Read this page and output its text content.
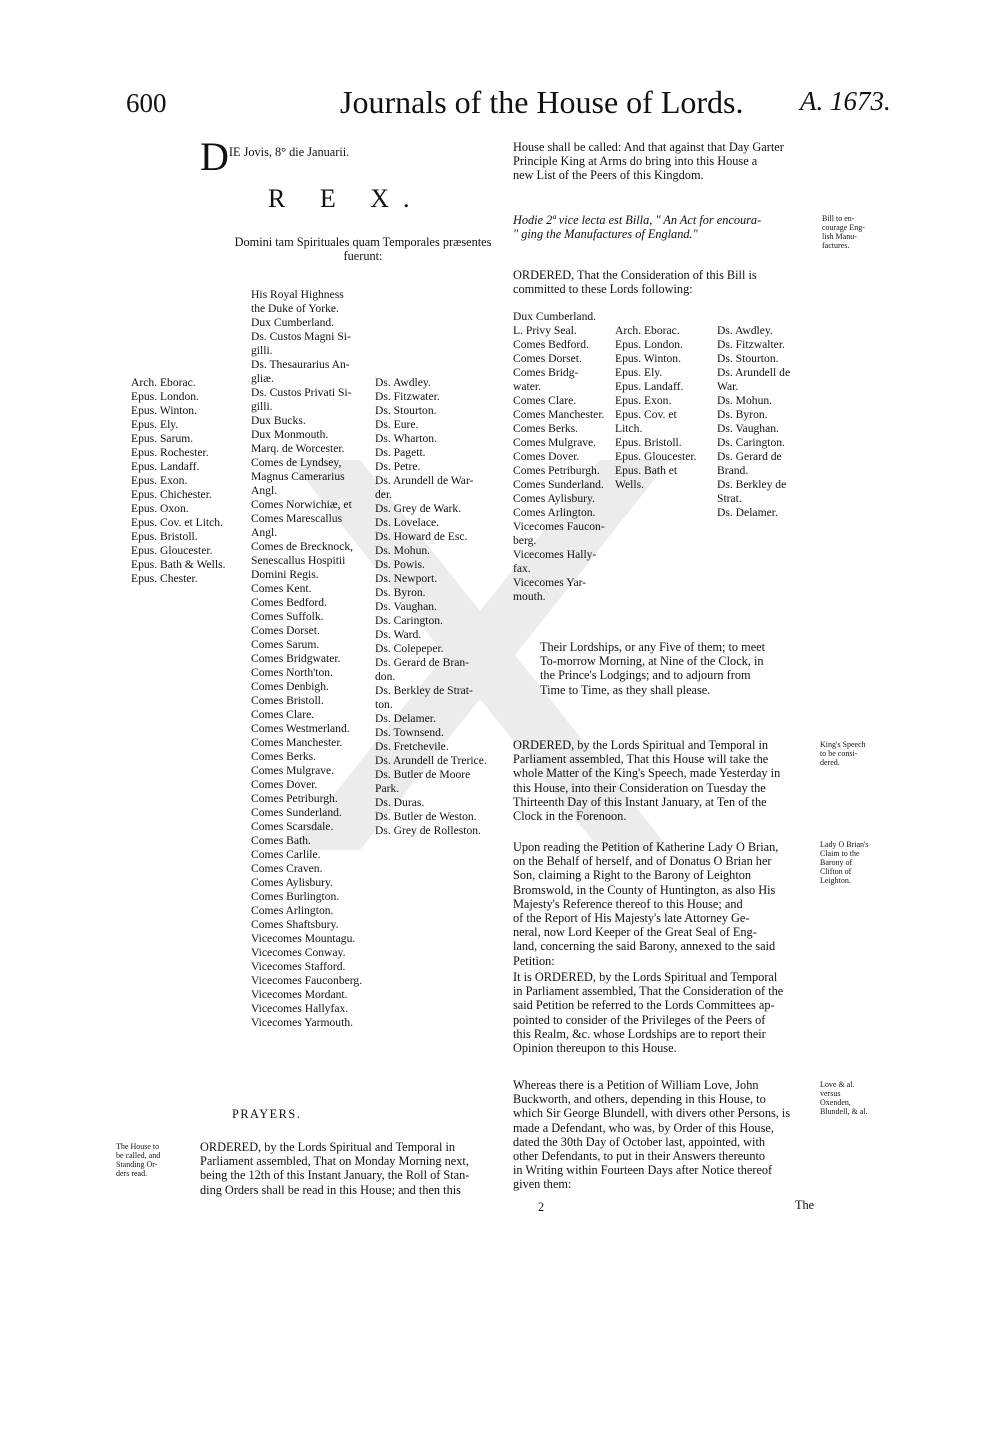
600	Journals of the House of Lords. A. 1673.
$D^{IE Jovis, 8^\circ die Januarii.}$
R E X.
Domini tam Spirituales quam Temporales præsentes
fuerunt:
Arch. Eborac.
Epus. London.
Epus. Winton.
Epus. Ely.
Epus. Sarum.
Epus. Rochester.
Epus. Landaff.
Epus. Exon.
Epus. Chichester.
Epus. Oxon.
Epus. Cov. et Litch.
Epus. Bristoll.
Epus. Gloucester.
Epus. Bath & Wells.
Epus. Chester.
His Royal Highness
the Duke of Yorke.
Dux Cumberland.
Ds. Custos Magni Si-
gilli.
Ds. Thesaurarius An-
gliæ.
Ds. Custos Privati Si-
gilli.
Dux Bucks.
Dux Monmouth.
Marq. de Worcester.
Comes de Lyndsey,
Magnus Camerarius
Angl.
Comes Norwichiæ, et
Comes Marescallus
Angl.
Comes de Brecknock,
Senescallus Hospitii
Domini Regis.
Comes Kent.
Comes Bedford.
Comes Suffolk.
Comes Dorset.
Comes Sarum.
Comes Bridgwater.
Comes North'ton.
Comes Denbigh.
Comes Bristoll.
Comes Clare.
Comes Westmerland.
Comes Manchester.
Comes Berks.
Comes Mulgrave.
Comes Dover.
Comes Petriburgh.
Comes Sunderland.
Comes Scarsdale.
Comes Bath.
Comes Carlile.
Comes Craven.
Comes Aylisbury.
Comes Burlington.
Comes Arlington.
Comes Shaftsbury.
Vicecomes Mountagu.
Vicecomes Conway.
Vicecomes Stafford.
Vicecomes Fauconberg.
Vicecomes Mordant.
Vicecomes Hallyfax.
Vicecomes Yarmouth.
Ds. Awdley.
Ds. Fitzwater.
Ds. Stourton.
Ds. Eure.
Ds. Wharton.
Ds. Pagett.
Ds. Petre.
Ds. Arundell de War-
der.
Ds. Grey de Wark.
Ds. Lovelace.
Ds. Howard de Esc.
Ds. Mohun.
Ds. Powis.
Ds. Newport.
Ds. Byron.
Ds. Vaughan.
Ds. Carington.
Ds. Ward.
Ds. Colepeper.
Ds. Gerard de Bran-
don.
Ds. Berkley de Strat-
ton.
Ds. Delamer.
Ds. Townsend.
Ds. Fretchevile.
Ds. Arundell de Trerice.
Ds. Butler de Moore
Park.
Ds. Duras.
Ds. Butler de Weston.
Ds. Grey de Rolleston.
PRAYERS.
The House to
be called, and
Standing Or-
ders read.
ORDERED, by the Lords Spiritual and Temporal in
Parliament assembled, That on Monday Morning next,
being the 12th of this Instant January, the Roll of Stan-
ding Orders shall be read in this House; and then this
House shall be called: And that against that Day Garter
Principle King at Arms do bring into this House a
new List of the Peers of this Kingdom.
Hodie 2ª vice lecta est Billa, " An Act for encoura-
" ging the Manufactures of England."
Bill to en-
courage Eng-
lish Manu-
factures.
ORDERED, That the Consideration of this Bill is
committed to these Lords following:
Dux Cumberland.
L. Privy Seal.
Comes Bedford.
Comes Dorset.
Comes Bridg-
water.
Comes Clare.
Comes Manchester.
Comes Berks.
Comes Mulgrave.
Comes Dover.
Comes Petriburgh.
Comes Sunderland.
Comes Aylisbury.
Comes Arlington.
Vicecomes Faucon-
berg.
Vicecomes Hally-
fax.
Vicecomes Yar-
mouth.
Arch. Eborac.
Epus. London.
Epus. Winton.
Epus. Ely.
Epus. Landaff.
Epus. Exon.
Epus. Cov. et
Litch.
Epus. Bristoll.
Epus. Gloucester.
Epus. Bath et
Wells.
Ds. Awdley.
Ds. Fitzwalter.
Ds. Stourton.
Ds. Arundell de
War.
Ds. Mohun.
Ds. Byron.
Ds. Vaughan.
Ds. Carington.
Ds. Gerard de
Brand.
Ds. Berkley de
Strat.
Ds. Delamer.
Their Lordships, or any Five of them; to meet
To-morrow Morning, at Nine of the Clock, in
the Prince's Lodgings; and to adjourn from
Time to Time, as they shall please.
ORDERED, by the Lords Spiritual and Temporal in
Parliament assembled, That this House will take the
whole Matter of the King's Speech, made Yesterday in
this House, into their Consideration on Tuesday the
Thirteenth Day of this Instant January, at Ten of the
Clock in the Forenoon.
King's Speech
to be consi-
dered.
Upon reading the Petition of Katherine Lady O Brian,
on the Behalf of herself, and of Donatus O Brian her
Son, claiming a Right to the Barony of Leighton
Bromswold, in the County of Huntington, as also His
Majesty's Reference thereof to this House; and
of the Report of His Majesty's late Attorney Ge-
neral, now Lord Keeper of the Great Seal of Eng-
land, concerning the said Barony, annexed to the said
Petition:
Lady O Brian's
Claim to the
Barony of
Clifton of
Leighton.
It is ORDERED, by the Lords Spiritual and Temporal
in Parliament assembled, That the Consideration of the
said Petition be referred to the Lords Committees ap-
pointed to consider of the Privileges of the Peers of
this Realm, &c. whose Lordships are to report their
Opinion thereupon to this House.
Whereas there is a Petition of William Love, John
Buckworth, and others, depending in this House, to
which Sir George Blundell, with divers other Persons, is
made a Defendant, who was, by Order of this House,
dated the 30th Day of October last, appointed, with
other Defendants, to put in their Answers thereunto
in Writing within Fourteen Days after Notice thereof
given them:
Love & al.
versus
Oxenden,
Blundell, & al.
2	The
